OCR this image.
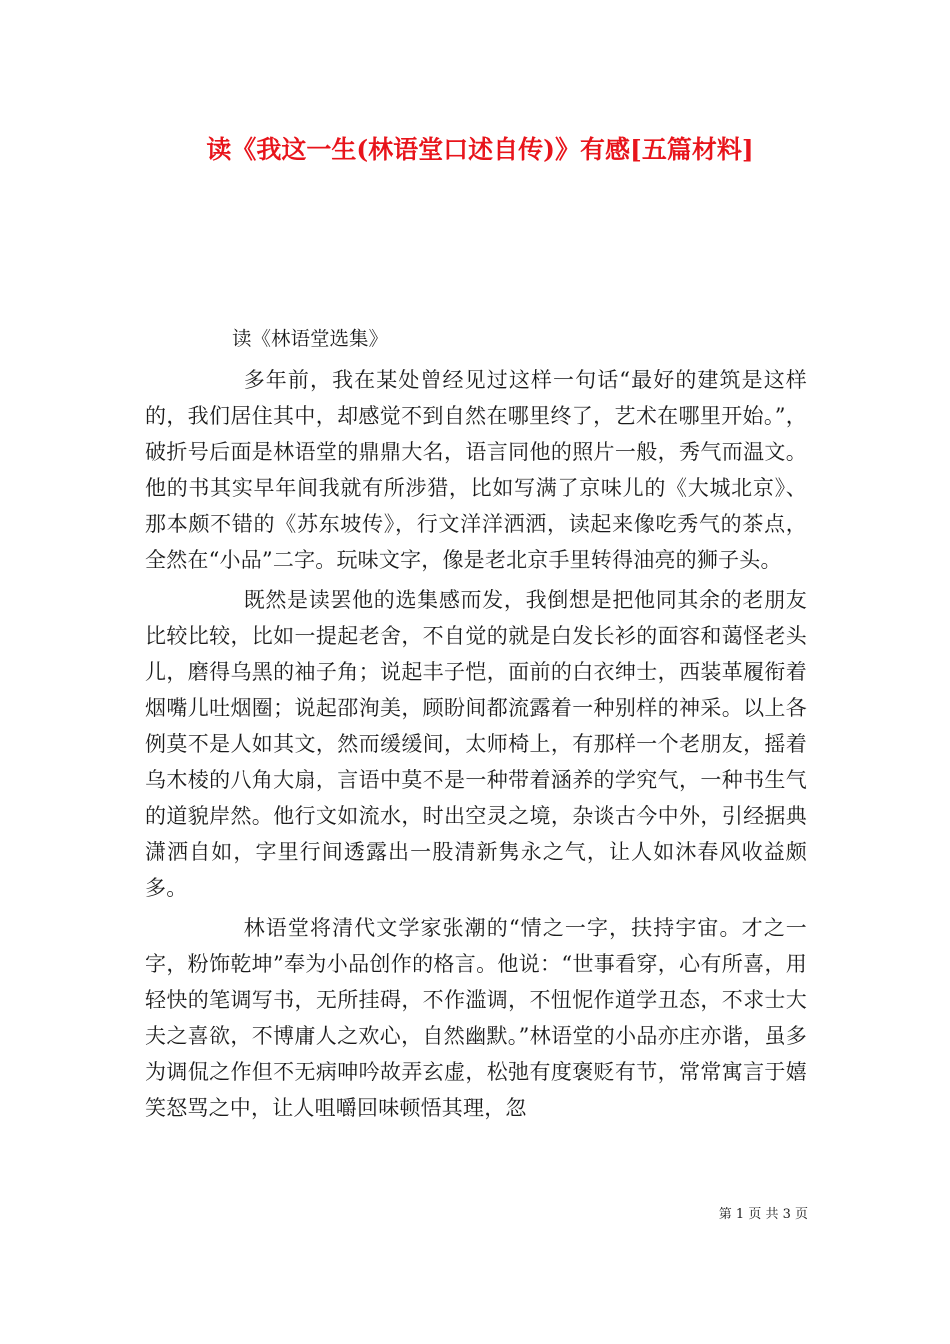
读《我这一生(林语堂口述自传)》有感[五篇材料]

读《林语堂选集》

多年前，我在某处曾经见过这样一句话“最好的建筑是这样的，我们居住其中，却感觉不到自然在哪里终了，艺术在哪里开始。”，破折号后面是林语堂的鼎鼎大名，语言同他的照片一般，秀气而温文。他的书其实早年间我就有所涉猎，比如写满了京味儿的《大城北京》、那本颇不错的《苏东坡传》，行文洋洋洒洒，读起来像吃秀气的茶点，全然在“小品”二字。玩味文字，像是老北京手里转得油亮的狮子头。

既然是读罢他的选集感而发，我倒想是把他同其余的老朋友比较比较，比如一提起老舍，不自觉的就是白发长衫的面容和蔼怪老头儿，磨得乌黑的袖子角；说起丰子恺，面前的白衣绅士，西装革履衔着烟嘴儿吐烟圈；说起邵洵美，顾盼间都流露着一种别样的神采。以上各例莫不是人如其文，然而缓缓间，太师椅上，有那样一个老朋友，摇着乌木棱的八角大扇，言语中莫不是一种带着涵养的学究气，一种书生气的道貌岸然。他行文如流水，时出空灵之境，杂谈古今中外，引经据典潇洒自如，字里行间透露出一股清新隽永之气，让人如沐春风收益颇多。

林语堂将清代文学家张潮的“情之一字，扶持宇宙。才之一字，粉饰乾坤”奉为小品创作的格言。他说：“世事看穿，心有所喜，用轻快的笔调写书，无所挂碍，不作滥调，不忸怩作道学丑态，不求士大夫之喜欲，不博庸人之欢心，自然幽默。”林语堂的小品亦庄亦谐，虽多为调侃之作但不无病呻吟故弄玄虚，松弛有度褒贬有节，常常寓言于嬉笑怒骂之中，让人咀嚼回味顿悟其理，忽

第 1 页 共 3 页
